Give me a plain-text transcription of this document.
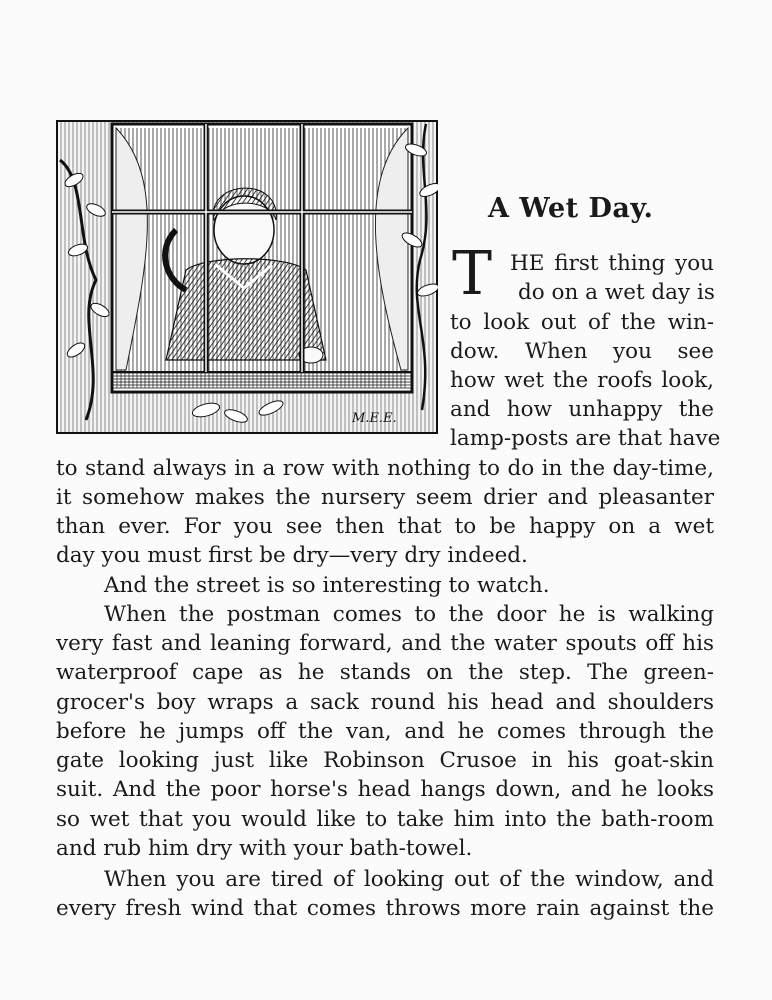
M.E.E.
A Wet Day.
T HE first thing you
do on a wet day is
to look out of the win-
dow. When you see
how wet the roofs look,
and how unhappy the
lamp-posts are that have
to stand always in a row with nothing to do in the day-time,
it somehow makes the nursery seem drier and pleasanter
than ever. For you see then that to be happy on a wet
day you must first be dry—very dry indeed.
And the street is so interesting to watch.
When the postman comes to the door he is walking
very fast and leaning forward, and the water spouts off his
waterproof cape as he stands on the step. The green-
grocer's boy wraps a sack round his head and shoulders
before he jumps off the van, and he comes through the
gate looking just like Robinson Crusoe in his goat-skin
suit. And the poor horse's head hangs down, and he looks
so wet that you would like to take him into the bath-room
and rub him dry with your bath-towel.
When you are tired of looking out of the window, and
every fresh wind that comes throws more rain against the
